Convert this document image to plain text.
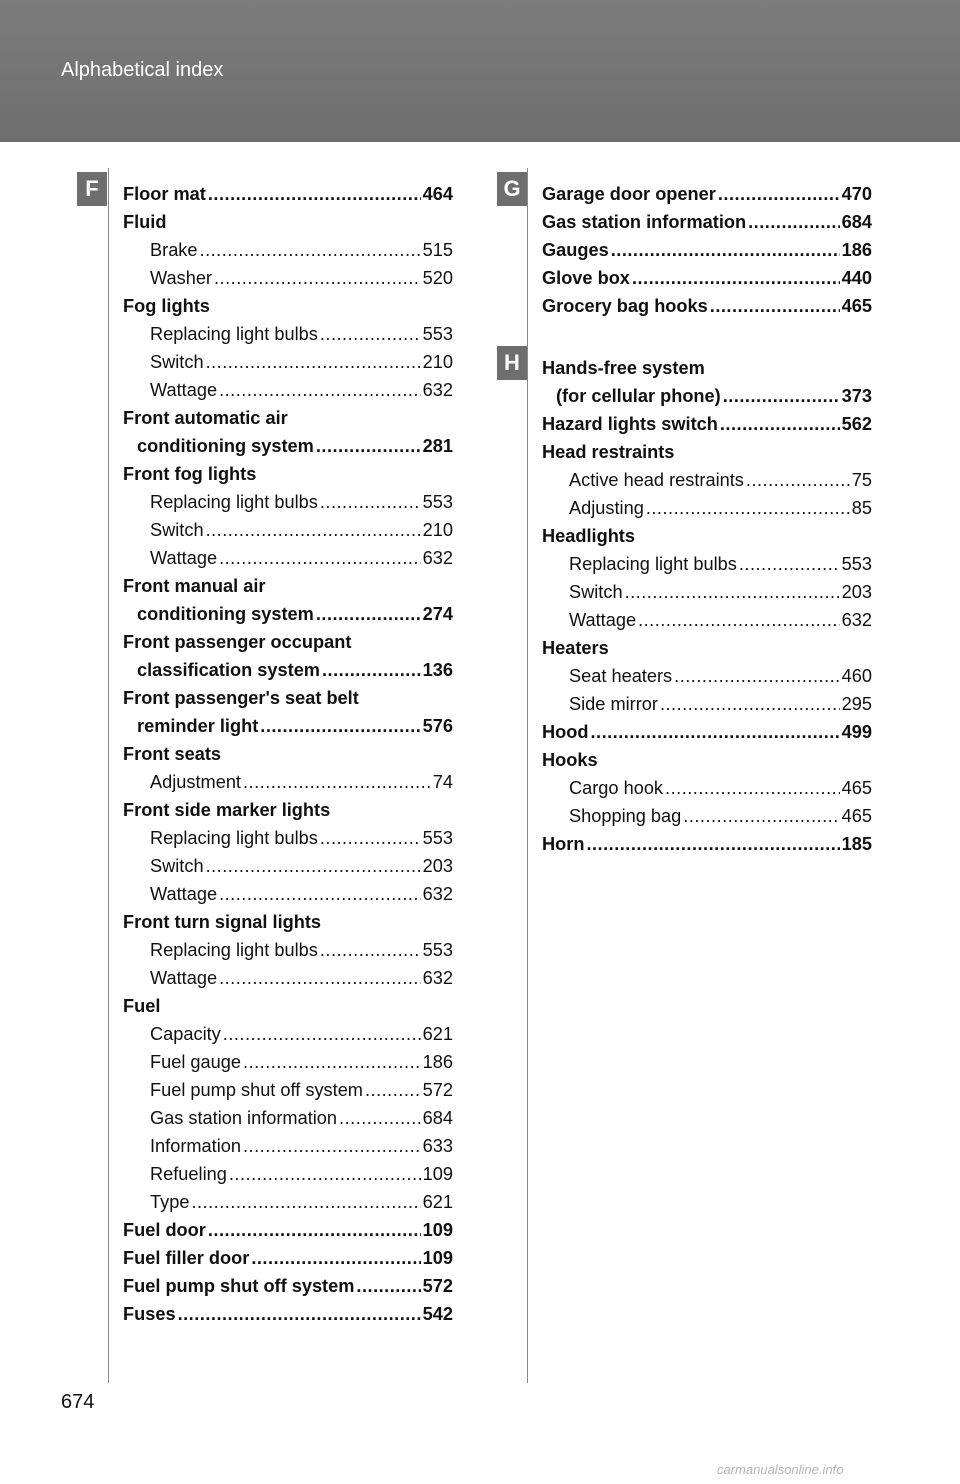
Alphabetical index
F	G
H
Floor mat .....	464
Fluid
Brake .....	515
Washer .....	520
Fog lights
Replacing light bulbs .....	553
Switch .....	210
Wattage .....	632
Front automatic air
conditioning system .....	281
Front fog lights
Replacing light bulbs .....	553
Switch .....	210
Wattage .....	632
Front manual air
conditioning system .....	274
Front passenger occupant
classification system .....	136
Front passenger's seat belt
reminder light .....	576
Front seats
Adjustment .....	74
Front side marker lights
Replacing light bulbs .....	553
Switch .....	203
Wattage .....	632
Front turn signal lights
Replacing light bulbs .....	553
Wattage .....	632
Fuel
Capacity .....	621
Fuel gauge .....	186
Fuel pump shut off system .....	572
Gas station information .....	684
Information .....	633
Refueling .....	109
Type .....	621
Fuel door .....	109
Fuel filler door .....	109
Fuel pump shut off system .....	572
Fuses .....	542
Garage door opener .....	470
Gas station information .....	684
Gauges .....	186
Glove box .....	440
Grocery bag hooks .....	465
Hands-free system
(for cellular phone) .....	373
Hazard lights switch .....	562
Head restraints
Active head restraints .....	75
Adjusting .....	85
Headlights
Replacing light bulbs .....	553
Switch .....	203
Wattage .....	632
Heaters
Seat heaters .....	460
Side mirror .....	295
Hood .....	499
Hooks
Cargo hook .....	465
Shopping bag .....	465
Horn .....	185
674
carmanualsonline.info
